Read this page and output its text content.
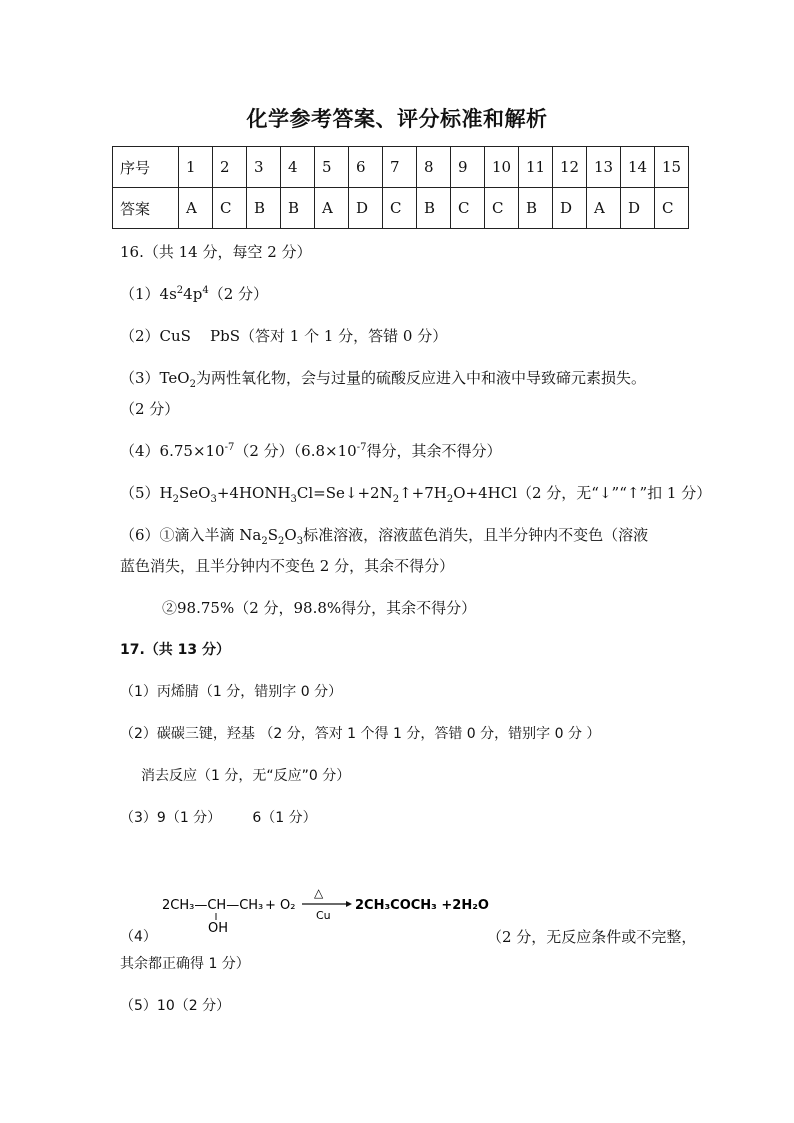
化学参考答案、评分标准和解析
序号	1	2	3	4	5	6	7	8	9	10	11	12	13	14	15
答案	A	C	B	B	A	D	C	B	C	C	B	D	A	D	C
16.（共 14 分，每空 2 分）
$(1)4s^24p^4(2$ 分）
（2）CuS    PbS（答对 1 个 1 分，答错 0 分）
（3）TeO$_2$为两性氧化物，会与过量的硫酸反应进入中和液中导致碲元素损失。
（2 分）
$(4)6.75\times 10^{-7}(2$ 分）（$6.8\times 10^{-7}$得分，其余不得分）
$(5)H_2SeO_3+4HONH_3Cl=Se↓+2N_2↑+7H_2O+4HCl(2$ 分，无“↓”“↑”扣 1 分）
（6）①滴入半滴 $Na_2S_2O_3$标准溶液，溶液蓝色消失，且半分钟内不变色（溶液
蓝色消失，且半分钟内不变色 2 分，其余不得分）
②98.75%（2 分，98.8%得分，其余不得分）
17.（共 13 分）
（1）丙烯腈（1 分，错别字 0 分）
（2）碳碳三键，羟基 （2 分，答对 1 个得 1 分，答错 0 分，错别字 0 分 ）
消去反应（1 分，无“反应”0 分）
（3）9（1 分）       6（1 分）
2CH₃—CH—CH₃
OH
+ O₂
△
Cu
2CH₃COCH₃ +2H₂O
（4）	（2 分，无反应条件或不完整，
其余都正确得 1 分）
（5）10（2 分）
